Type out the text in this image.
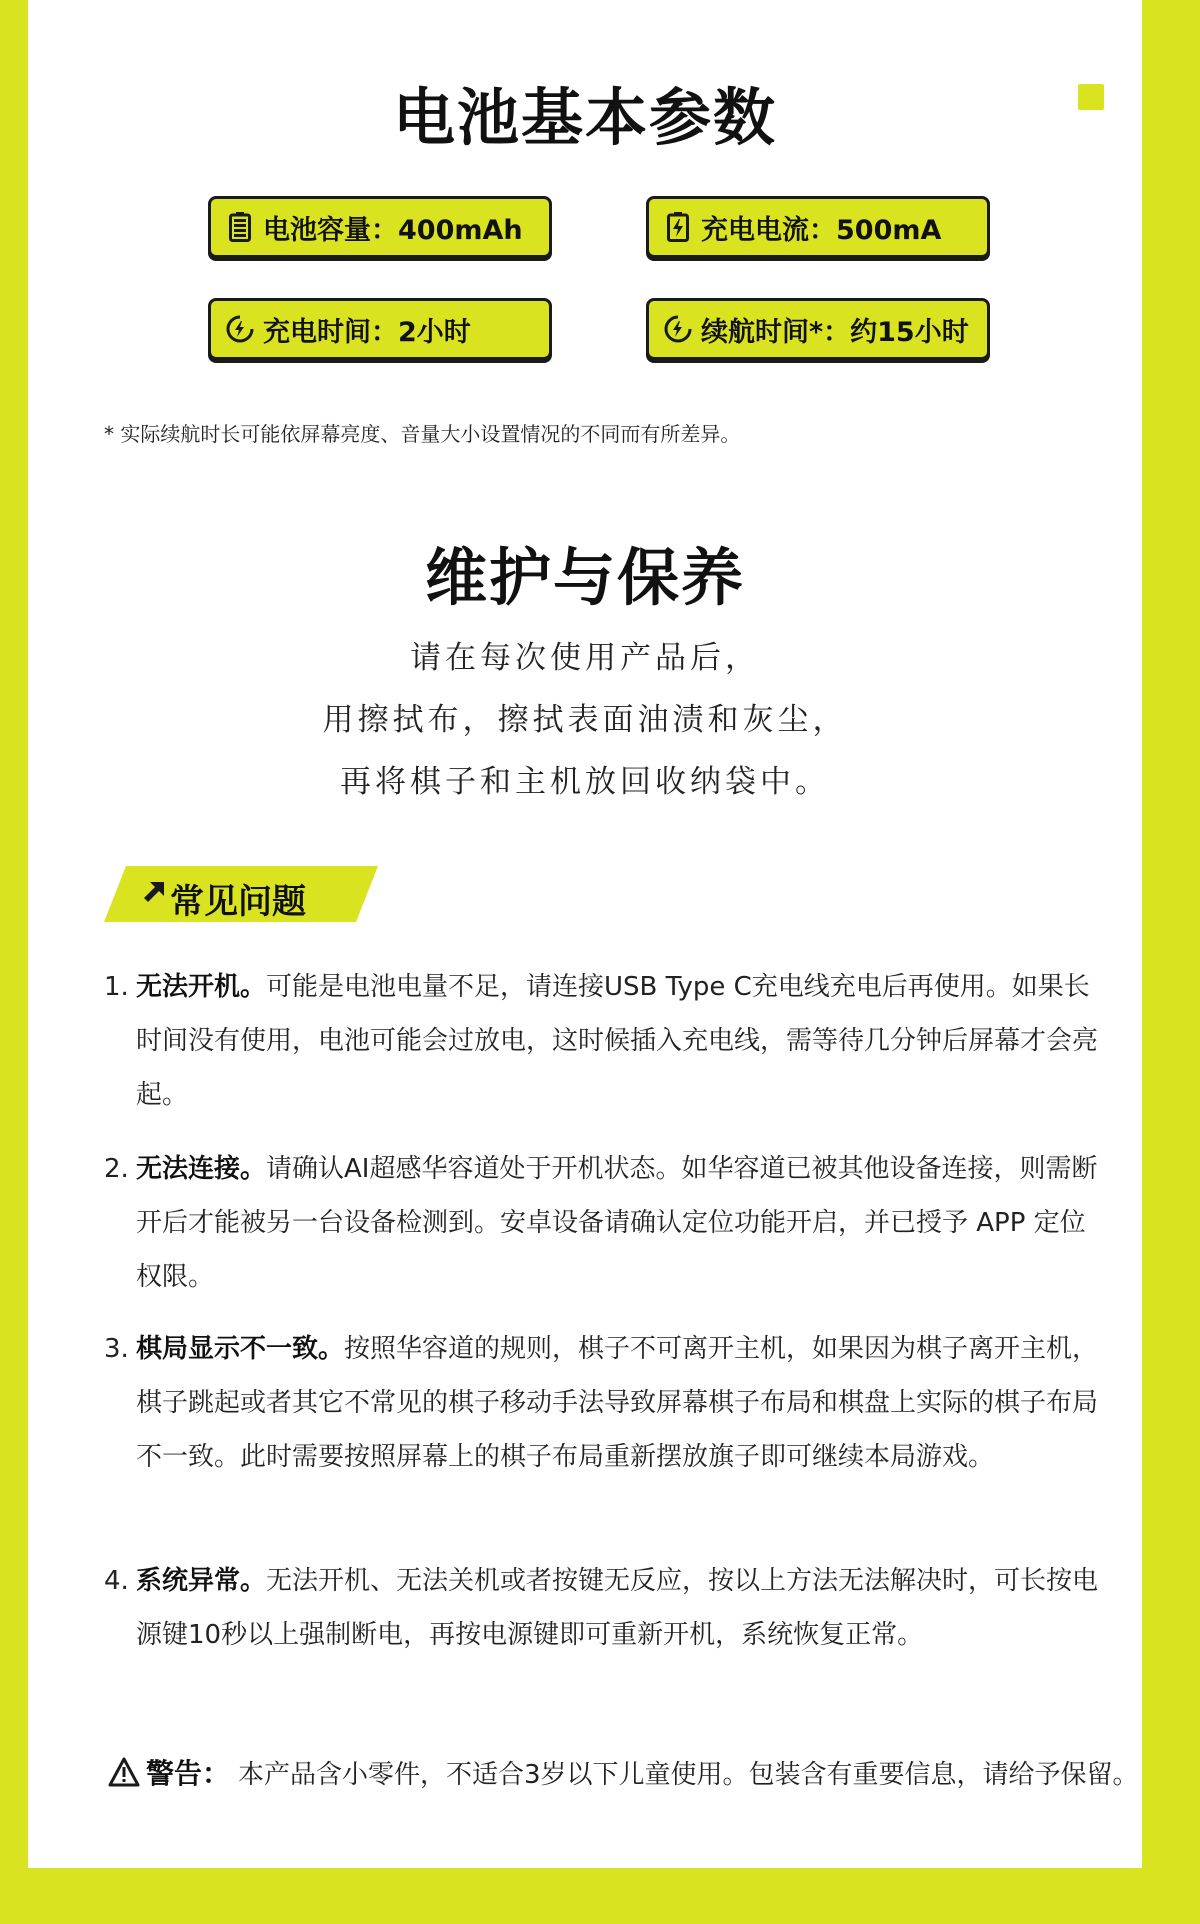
电池基本参数
电池容量：400mAh	充电电流：500mA
充电时间：2小时	续航时间*：约15小时
* 实际续航时长可能依屏幕亮度、音量大小设置情况的不同而有所差异。
维护与保养
请在每次使用产品后，
用擦拭布，擦拭表面油渍和灰尘，
再将棋子和主机放回收纳袋中。
常见问题
1. 无法开机。可能是电池电量不足，请连接USB Type C充电线充电后再使用。如果长时间没有使用，电池可能会过放电，这时候插入充电线，需等待几分钟后屏幕才会亮起。
2. 无法连接。请确认AI超感华容道处于开机状态。如华容道已被其他设备连接，则需断开后才能被另一台设备检测到。安卓设备请确认定位功能开启，并已授予 APP 定位权限。
3. 棋局显示不一致。按照华容道的规则，棋子不可离开主机，如果因为棋子离开主机，棋子跳起或者其它不常见的棋子移动手法导致屏幕棋子布局和棋盘上实际的棋子布局不一致。此时需要按照屏幕上的棋子布局重新摆放旗子即可继续本局游戏。
4. 系统异常。无法开机、无法关机或者按键无反应，按以上方法无法解决时，可长按电源键10秒以上强制断电，再按电源键即可重新开机，系统恢复正常。
警告： 本产品含小零件，不适合3岁以下儿童使用。包装含有重要信息，请给予保留。
